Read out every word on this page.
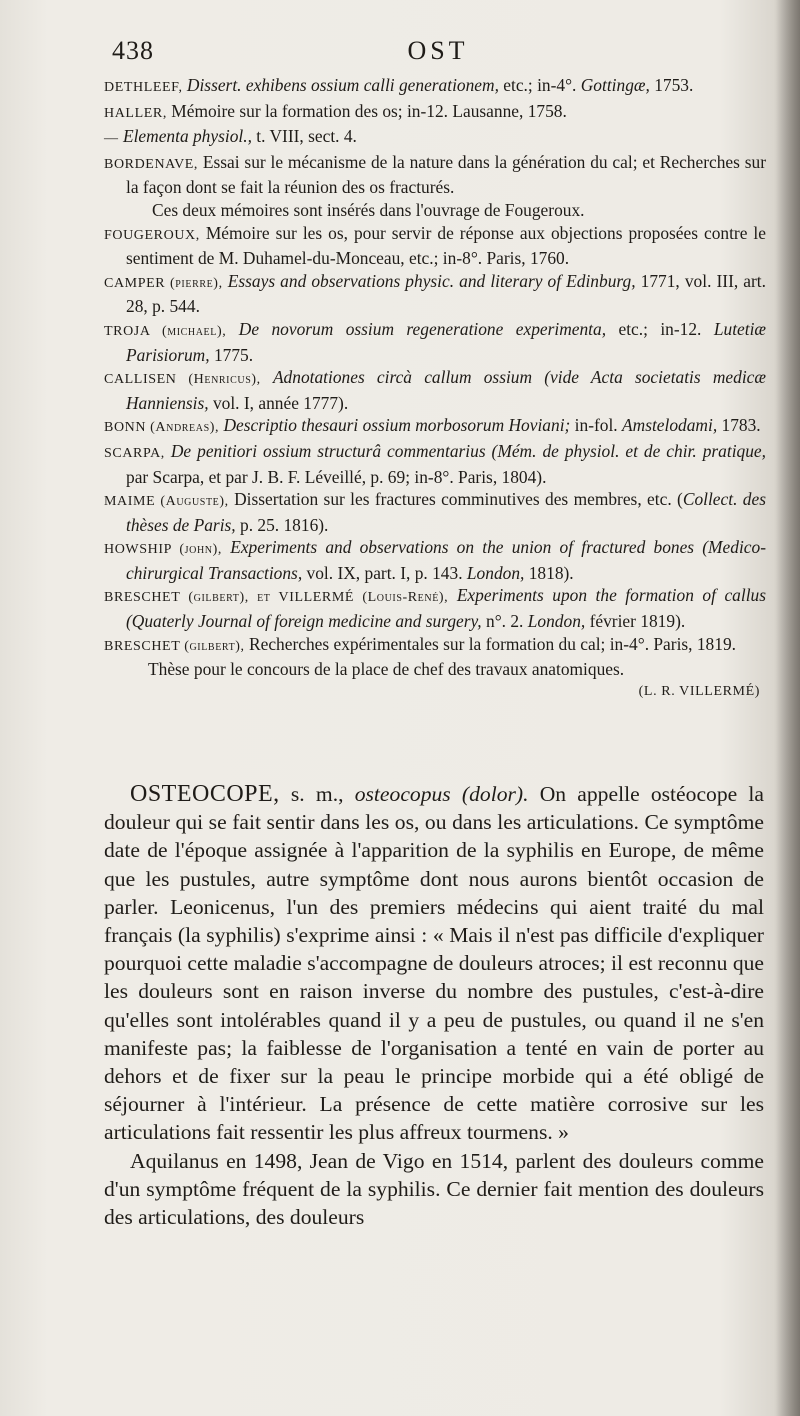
438	OST

DETHLEEF, Dissert. exhibens ossium calli generationem, etc.; in-4°. Gottingæ, 1753.

HALLER, Mémoire sur la formation des os; in-12. Lausanne, 1758.

— Elementa physiol., t. VIII, sect. 4.

BORDENAVE, Essai sur le mécanisme de la nature dans la génération du cal; et Recherches sur la façon dont se fait la réunion des os fracturés.

Ces deux mémoires sont insérés dans l'ouvrage de Fougeroux.

FOUGEROUX, Mémoire sur les os, pour servir de réponse aux objections proposées contre le sentiment de M. Duhamel-du-Monceau, etc.; in-8°. Paris, 1760.

CAMPER (pierre), Essays and observations physic. and literary of Edinburg, 1771, vol. III, art. 28, p. 544.

TROJA (michael), De novorum ossium regeneratione experimenta, etc.; in-12. Lutetiæ Parisiorum, 1775.

CALLISEN (Henricus), Adnotationes circà callum ossium (vide Acta societatis medicæ Hanniensis, vol. I, année 1777).

BONN (Andreas), Descriptio thesauri ossium morbosorum Hoviani; in-fol. Amstelodami, 1783.

SCARPA, De penitiori ossium structurâ commentarius (Mém. de physiol. et de chir. pratique, par Scarpa, et par J. B. F. Léveillé, p. 69; in-8°. Paris, 1804).

MAIME (Auguste), Dissertation sur les fractures comminutives des membres, etc. (Collect. des thèses de Paris, p. 25. 1816).

HOWSHIP (john), Experiments and observations on the union of fractured bones (Medico-chirurgical Transactions, vol. IX, part. I, p. 143. London, 1818).

BRESCHET (gilbert), et VILLERMÉ (Louis-René), Experiments upon the formation of callus (Quaterly Journal of foreign medicine and surgery, n°. 2. London, février 1819).

BRESCHET (gilbert), Recherches expérimentales sur la formation du cal; in-4°. Paris, 1819.

Thèse pour le concours de la place de chef des travaux anatomiques.

(L. R. VILLERMÉ)

OSTEOCOPE, s. m., osteocopus (dolor). On appelle ostéocope la douleur qui se fait sentir dans les os, ou dans les articulations. Ce symptôme date de l'époque assignée à l'apparition de la syphilis en Europe, de même que les pustules, autre symptôme dont nous aurons bientôt occasion de parler. Leonicenus, l'un des premiers médecins qui aient traité du mal français (la syphilis) s'exprime ainsi : « Mais il n'est pas difficile d'expliquer pourquoi cette maladie s'accompagne de douleurs atroces; il est reconnu que les douleurs sont en raison inverse du nombre des pustules, c'est-à-dire qu'elles sont intolérables quand il y a peu de pustules, ou quand il ne s'en manifeste pas; la faiblesse de l'organisation a tenté en vain de porter au dehors et de fixer sur la peau le principe morbide qui a été obligé de séjourner à l'intérieur. La présence de cette matière corrosive sur les articulations fait ressentir les plus affreux tourmens. »

Aquilanus en 1498, Jean de Vigo en 1514, parlent des douleurs comme d'un symptôme fréquent de la syphilis. Ce dernier fait mention des douleurs des articulations, des douleurs
